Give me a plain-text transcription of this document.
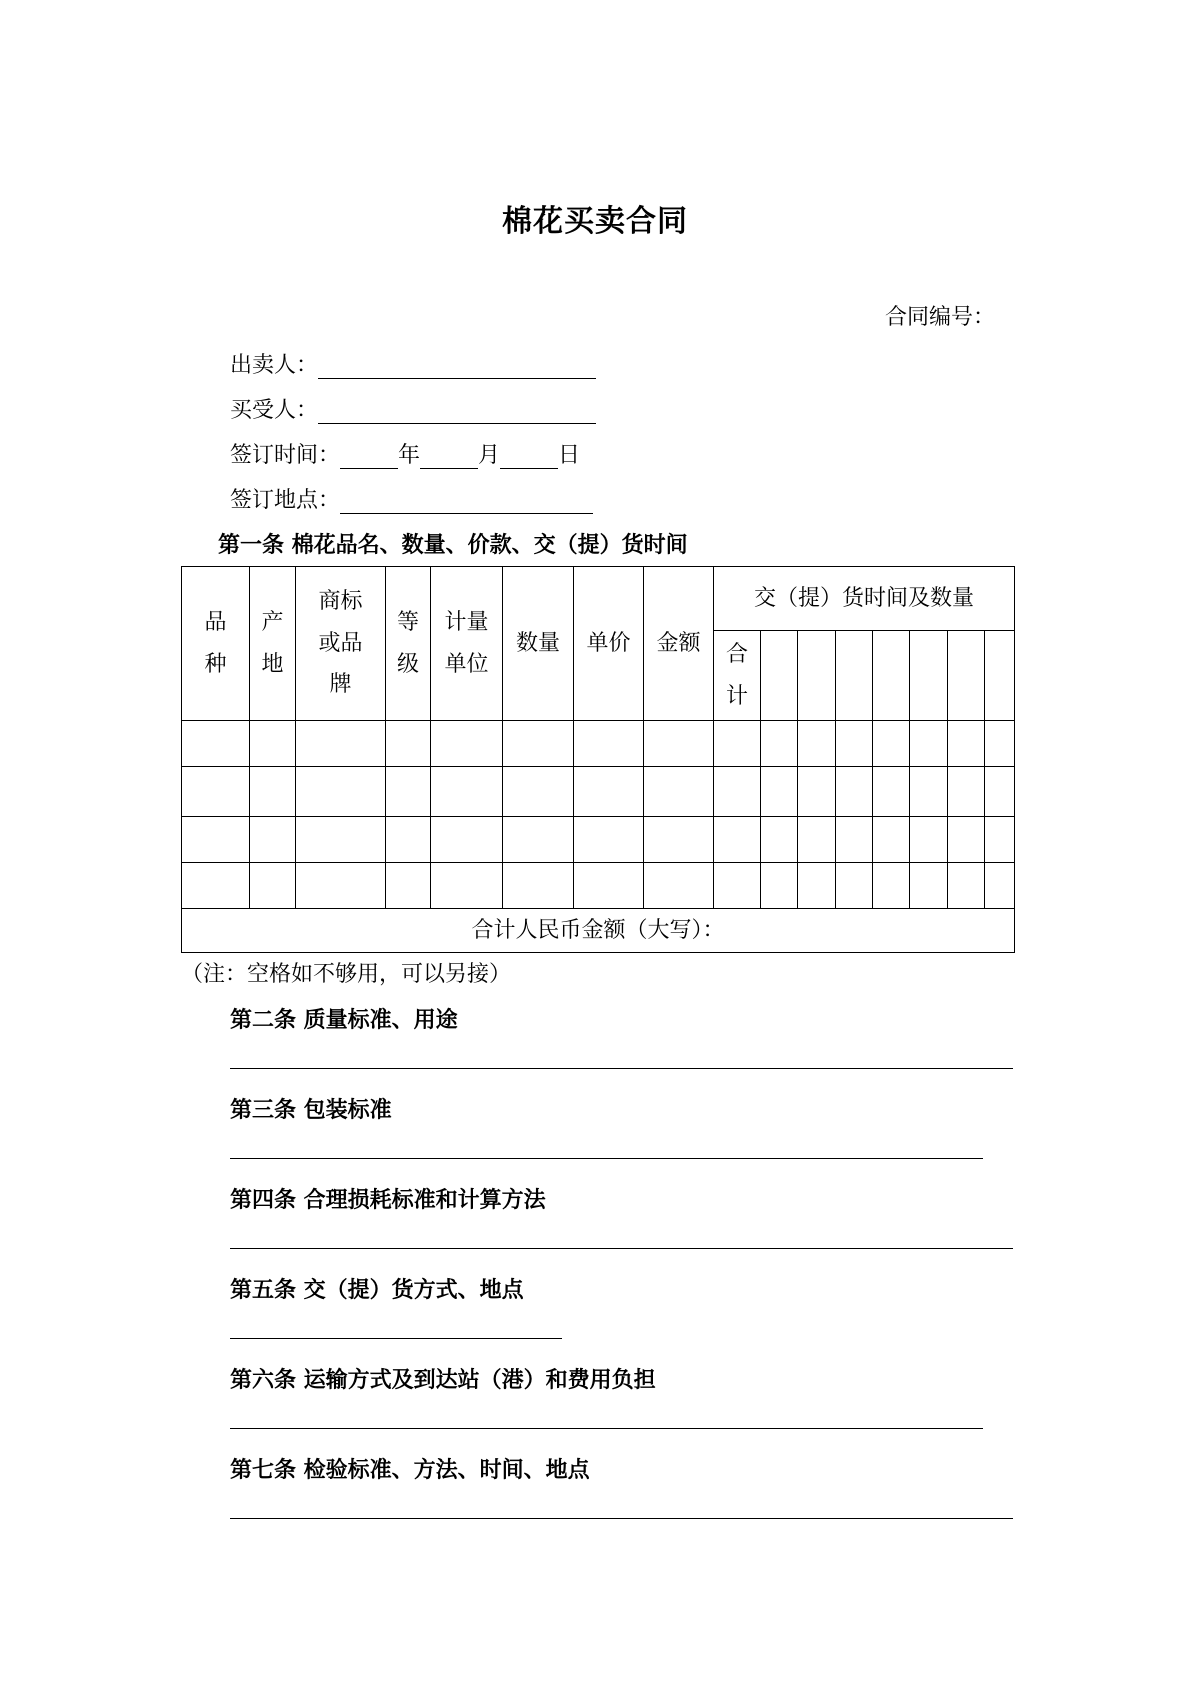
棉花买卖合同
合同编号：
出卖人：
买受人：
签订时间：	年	月	日
签订地点：
第一条 棉花品名、数量、价款、交（提）货时间
品种	产地	商标或品牌	等级	计量单位	数量	单价	金额	交（提）货时间及数量							
								合计							

合计人民币金额（大写）：															
（注：空格如不够用，可以另接）
第二条 质量标准、用途
第三条 包装标准
第四条 合理损耗标准和计算方法
第五条 交（提）货方式、地点
第六条 运输方式及到达站（港）和费用负担
第七条 检验标准、方法、时间、地点
